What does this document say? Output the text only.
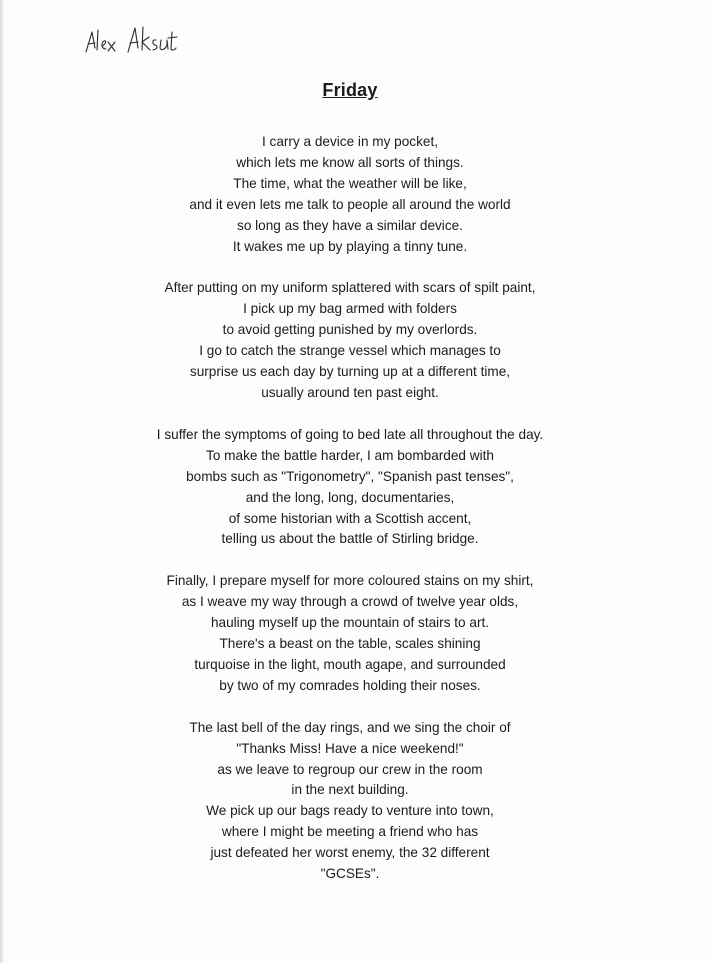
Friday
I carry a device in my pocket,
which lets me know all sorts of things.
The time, what the weather will be like,
and it even lets me talk to people all around the world
so long as they have a similar device.
It wakes me up by playing a tinny tune.
After putting on my uniform splattered with scars of spilt paint,
I pick up my bag armed with folders
to avoid getting punished by my overlords.
I go to catch the strange vessel which manages to
surprise us each day by turning up at a different time,
usually around ten past eight.
I suffer the symptoms of going to bed late all throughout the day.
To make the battle harder, I am bombarded with
bombs such as "Trigonometry", "Spanish past tenses",
and the long, long, documentaries,
of some historian with a Scottish accent,
telling us about the battle of Stirling bridge.
Finally, I prepare myself for more coloured stains on my shirt,
as I weave my way through a crowd of twelve year olds,
hauling myself up the mountain of stairs to art.
There's a beast on the table, scales shining
turquoise in the light, mouth agape, and surrounded
by two of my comrades holding their noses.
The last bell of the day rings, and we sing the choir of
"Thanks Miss! Have a nice weekend!"
as we leave to regroup our crew in the room
in the next building.
We pick up our bags ready to venture into town,
where I might be meeting a friend who has
just defeated her worst enemy, the 32 different
"GCSEs".
